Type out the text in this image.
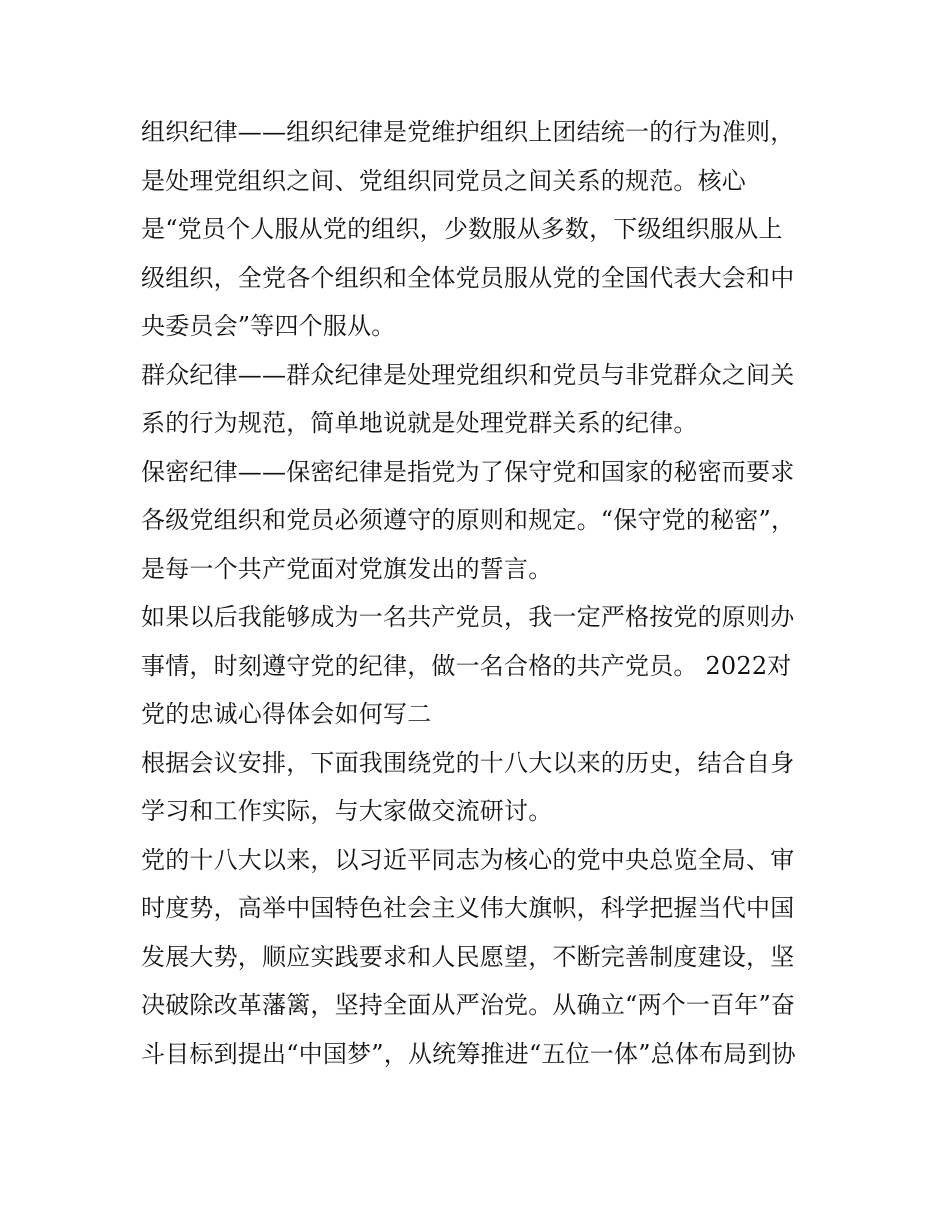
组织纪律——组织纪律是党维护组织上团结统一的行为准则，
是处理党组织之间、党组织同党员之间关系的规范。核心
是“党员个人服从党的组织，少数服从多数，下级组织服从上
级组织，全党各个组织和全体党员服从党的全国代表大会和中
央委员会”等四个服从。
群众纪律——群众纪律是处理党组织和党员与非党群众之间关
系的行为规范，简单地说就是处理党群关系的纪律。
保密纪律——保密纪律是指党为了保守党和国家的秘密而要求
各级党组织和党员必须遵守的原则和规定。“保守党的秘密”，
是每一个共产党面对党旗发出的誓言。
如果以后我能够成为一名共产党员，我一定严格按党的原则办
事情，时刻遵守党的纪律，做一名合格的共产党员。 2022对
党的忠诚心得体会如何写二
根据会议安排，下面我围绕党的十八大以来的历史，结合自身
学习和工作实际，与大家做交流研讨。
党的十八大以来，以习近平同志为核心的党中央总览全局、审
时度势，高举中国特色社会主义伟大旗帜，科学把握当代中国
发展大势，顺应实践要求和人民愿望，不断完善制度建设，坚
决破除改革藩篱，坚持全面从严治党。从确立“两个一百年”奋
斗目标到提出“中国梦”，从统筹推进“五位一体”总体布局到协
